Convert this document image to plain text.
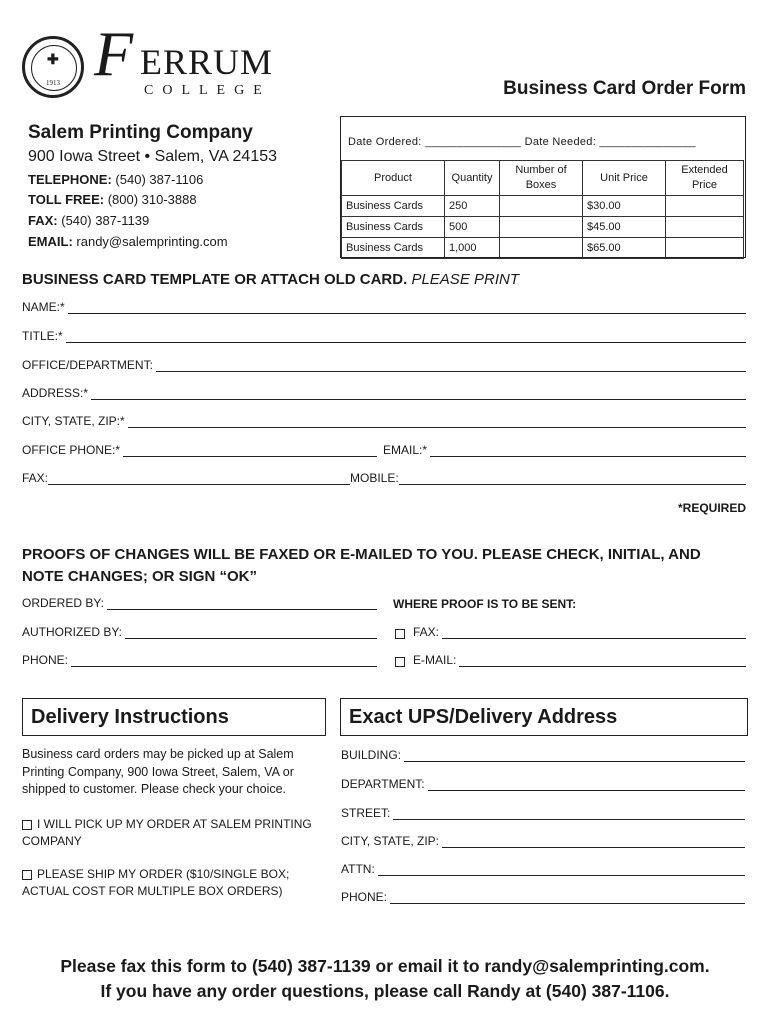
✚
1913 F ERRUM
COLLEGE	Business Card Order Form
Salem Printing Company
900 Iowa Street • Salem, VA 24153
TELEPHONE: (540) 387-1106
TOLL FREE: (800) 310-3888
FAX: (540) 387-1139
EMAIL: randy@salemprinting.com
Date Ordered: _______________ Date Needed: _______________
Product	Quantity	Number of Boxes	Unit Price	Extended Price
Business Cards	250		$30.00	
Business Cards	500		$45.00	
Business Cards	1,000		$65.00	
BUSINESS CARD TEMPLATE OR ATTACH OLD CARD. PLEASE PRINT
NAME:*
TITLE:*
OFFICE/DEPARTMENT:
ADDRESS:*
CITY, STATE, ZIP:*
OFFICE PHONE:*	EMAIL:*
FAX:	MOBILE:
*REQUIRED
PROOFS OF CHANGES WILL BE FAXED OR E-MAILED TO YOU. PLEASE CHECK, INITIAL, AND NOTE CHANGES; OR SIGN “OK”
ORDERED BY:
AUTHORIZED BY:
PHONE:
WHERE PROOF IS TO BE SENT:
FAX:
E-MAIL:
Delivery Instructions
Business card orders may be picked up at Salem Printing Company, 900 Iowa Street, Salem, VA or shipped to customer. Please check your choice.
I WILL PICK UP MY ORDER AT SALEM PRINTING COMPANY
PLEASE SHIP MY ORDER ($10/SINGLE BOX; ACTUAL COST FOR MULTIPLE BOX ORDERS)
Exact UPS/Delivery Address
BUILDING:
DEPARTMENT:
STREET:
CITY, STATE, ZIP:
ATTN:
PHONE:
Please fax this form to (540) 387-1139 or email it to randy@salemprinting.com.
If you have any order questions, please call Randy at (540) 387-1106.
